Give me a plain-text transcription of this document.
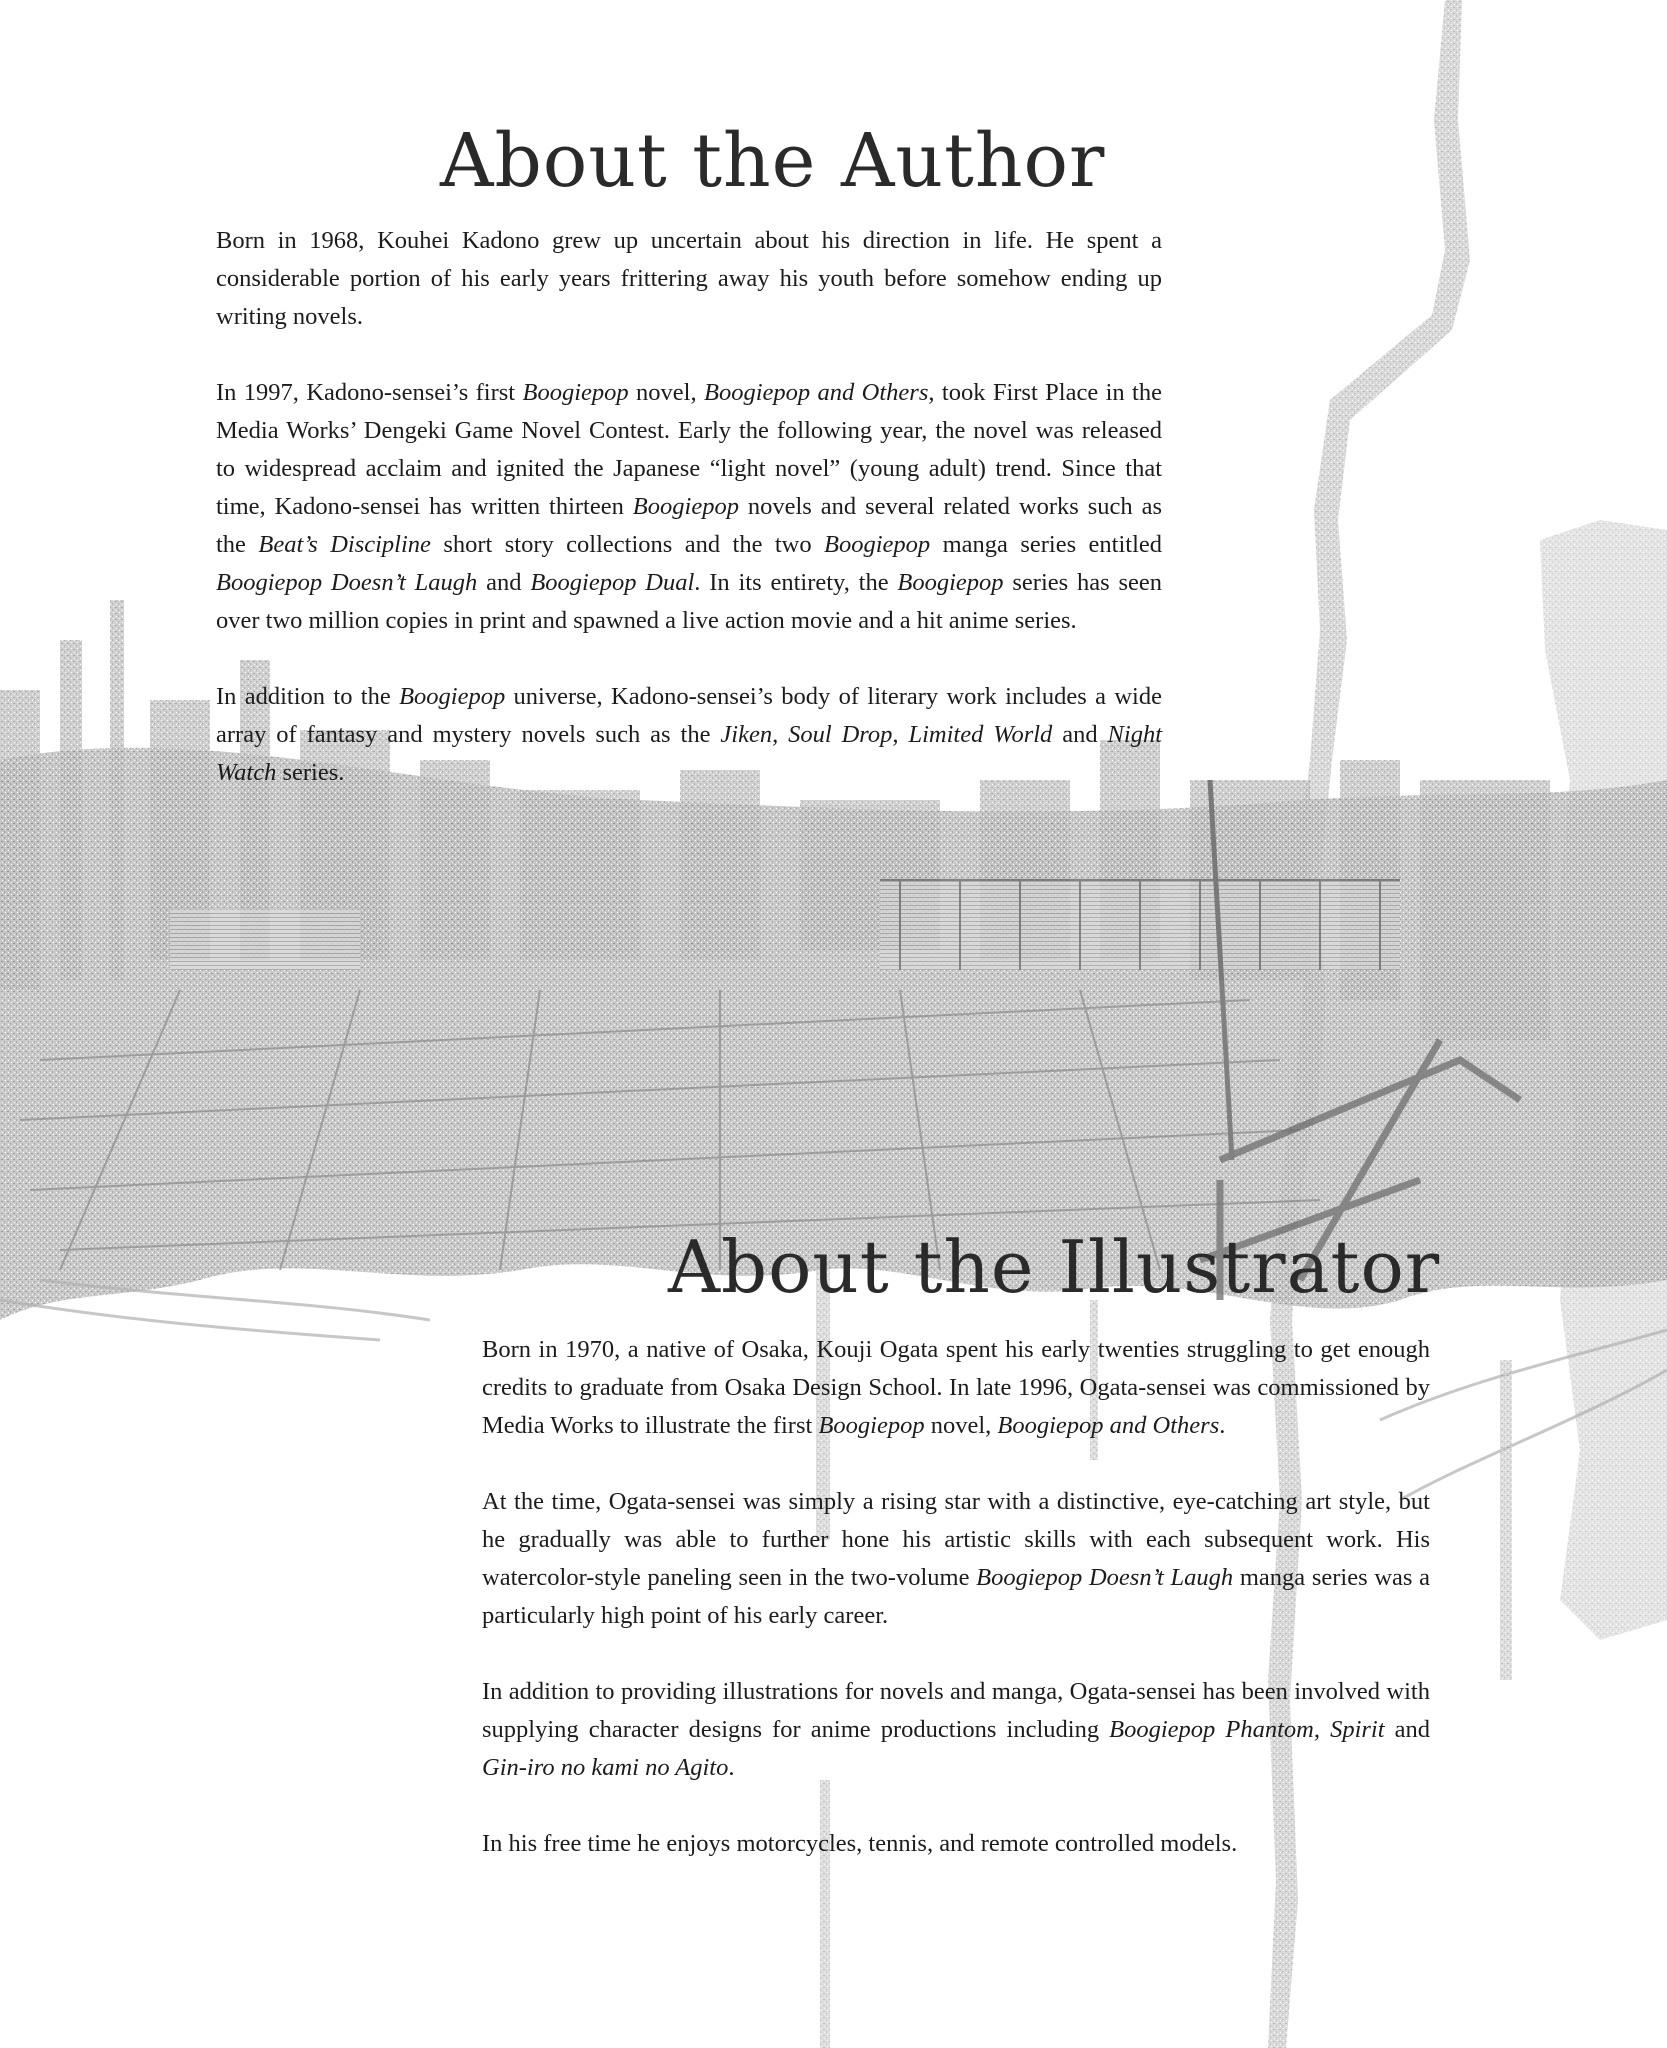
About the Author

Born in 1968, Kouhei Kadono grew up uncertain about his direction in life. He spent a considerable portion of his early years frittering away his youth before somehow ending up writing novels.

In 1997, Kadono-sensei’s first Boogiepop novel, Boogiepop and Others, took First Place in the Media Works’ Dengeki Game Novel Contest. Early the following year, the novel was released to widespread acclaim and ignited the Japanese “light novel” (young adult) trend. Since that time, Kadono-sensei has written thirteen Boogiepop novels and several related works such as the Beat’s Discipline short story collections and the two Boogiepop manga series entitled Boogiepop Doesn’t Laugh and Boogiepop Dual. In its entirety, the Boogiepop series has seen over two million copies in print and spawned a live action movie and a hit anime series.

In addition to the Boogiepop universe, Kadono-sensei’s body of literary work includes a wide array of fantasy and mystery novels such as the Jiken, Soul Drop, Limited World and Night Watch series.

About the Illustrator

Born in 1970, a native of Osaka, Kouji Ogata spent his early twenties struggling to get enough credits to graduate from Osaka Design School. In late 1996, Ogata-sensei was commissioned by Media Works to illustrate the first Boogiepop novel, Boogiepop and Others.

At the time, Ogata-sensei was simply a rising star with a distinctive, eye-catching art style, but he gradually was able to further hone his artistic skills with each subsequent work. His watercolor-style paneling seen in the two-volume Boogiepop Doesn’t Laugh manga series was a particularly high point of his early career.

In addition to providing illustrations for novels and manga, Ogata-sensei has been involved with supplying character designs for anime productions including Boogiepop Phantom, Spirit and Gin-iro no kami no Agito.

In his free time he enjoys motorcycles, tennis, and remote controlled models.
